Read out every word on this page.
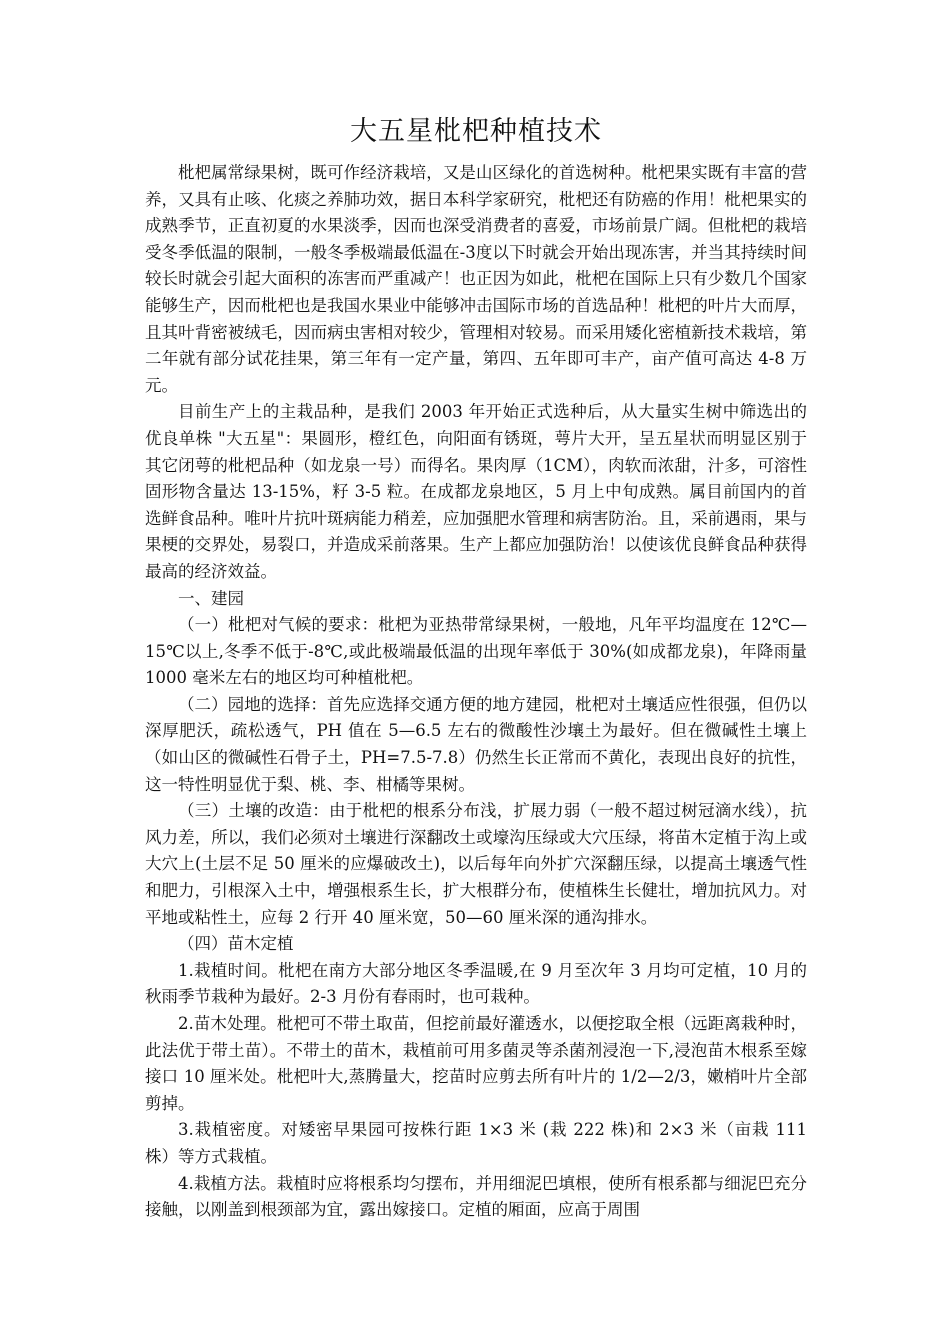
大五星枇杷种植技术

枇杷属常绿果树，既可作经济栽培，又是山区绿化的首选树种。枇杷果实既有丰富的营养，又具有止咳、化痰之养肺功效，据日本科学家研究，枇杷还有防癌的作用！枇杷果实的成熟季节，正直初夏的水果淡季，因而也深受消费者的喜爱，市场前景广阔。但枇杷的栽培受冬季低温的限制，一般冬季极端最低温在-3度以下时就会开始出现冻害，并当其持续时间较长时就会引起大面积的冻害而严重减产！也正因为如此，枇杷在国际上只有少数几个国家能够生产，因而枇杷也是我国水果业中能够冲击国际市场的首选品种！枇杷的叶片大而厚，且其叶背密被绒毛，因而病虫害相对较少，管理相对较易。而采用矮化密植新技术栽培，第二年就有部分试花挂果，第三年有一定产量，第四、五年即可丰产，亩产值可高达 4-8 万元。

目前生产上的主栽品种，是我们 2003 年开始正式选种后，从大量实生树中筛选出的优良单株 "大五星"：果圆形，橙红色，向阳面有锈斑，萼片大开，呈五星状而明显区别于其它闭萼的枇杷品种（如龙泉一号）而得名。果肉厚（1CM），肉软而浓甜，汁多，可溶性固形物含量达 13-15%，籽 3-5 粒。在成都龙泉地区，5 月上中旬成熟。属目前国内的首选鲜食品种。唯叶片抗叶斑病能力稍差，应加强肥水管理和病害防治。且，采前遇雨，果与果梗的交界处，易裂口，并造成采前落果。生产上都应加强防治！以使该优良鲜食品种获得最高的经济效益。

一、建园

（一）枇杷对气候的要求：枇杷为亚热带常绿果树，一般地，凡年平均温度在 12℃—15℃以上,冬季不低于-8℃,或此极端最低温的出现年率低于 30%(如成都龙泉)，年降雨量 1000 毫米左右的地区均可种植枇杷。

（二）园地的选择：首先应选择交通方便的地方建园，枇杷对土壤适应性很强，但仍以深厚肥沃，疏松透气，PH 值在 5—6.5 左右的微酸性沙壤土为最好。但在微碱性土壤上（如山区的微碱性石骨子土，PH=7.5-7.8）仍然生长正常而不黄化，表现出良好的抗性，这一特性明显优于梨、桃、李、柑橘等果树。

（三）土壤的改造：由于枇杷的根系分布浅，扩展力弱（一般不超过树冠滴水线），抗风力差，所以，我们必须对土壤进行深翻改土或壕沟压绿或大穴压绿，将苗木定植于沟上或大穴上(土层不足 50 厘米的应爆破改土)，以后每年向外扩穴深翻压绿，以提高土壤透气性和肥力，引根深入土中，增强根系生长，扩大根群分布，使植株生长健壮，增加抗风力。对平地或粘性土，应每 2 行开 40 厘米宽，50—60 厘米深的通沟排水。

（四）苗木定植

1.栽植时间。枇杷在南方大部分地区冬季温暖,在 9 月至次年 3 月均可定植，10 月的秋雨季节栽种为最好。2-3 月份有春雨时，也可栽种。

2.苗木处理。枇杷可不带土取苗，但挖前最好灌透水，以便挖取全根（远距离栽种时，此法优于带土苗）。不带土的苗木，栽植前可用多菌灵等杀菌剂浸泡一下,浸泡苗木根系至嫁接口 10 厘米处。枇杷叶大,蒸腾量大，挖苗时应剪去所有叶片的 1/2—2/3，嫩梢叶片全部剪掉。

3.栽植密度。对矮密早果园可按株行距 1×3 米 (栽 222 株)和 2×3 米（亩栽 111 株）等方式栽植。

4.栽植方法。栽植时应将根系均匀摆布，并用细泥巴填根，使所有根系都与细泥巴充分接触，以刚盖到根颈部为宜，露出嫁接口。定植的厢面，应高于周围
